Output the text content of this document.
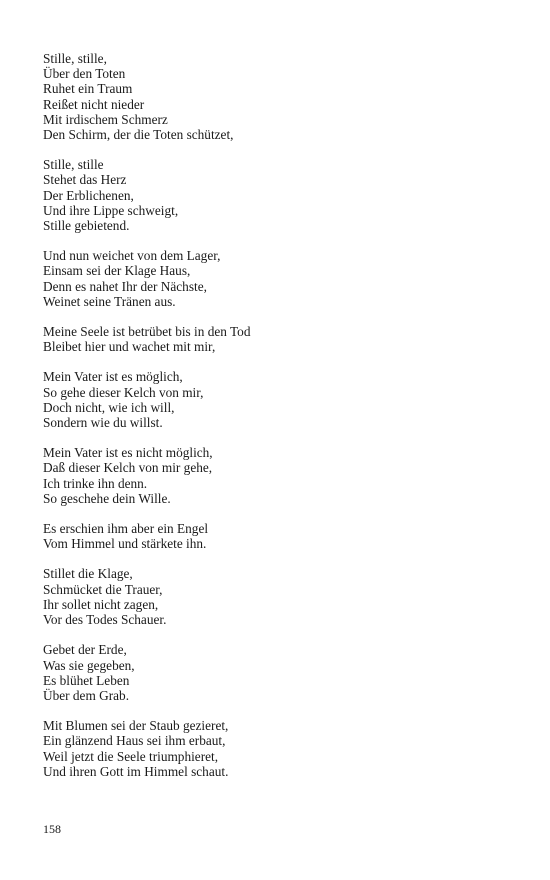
Stille, stille,
Über den Toten
Ruhet ein Traum
Reißet nicht nieder
Mit irdischem Schmerz
Den Schirm, der die Toten schützet,
Stille, stille
Stehet das Herz
Der Erblichenen,
Und ihre Lippe schweigt,
Stille gebietend.
Und nun weichet von dem Lager,
Einsam sei der Klage Haus,
Denn es nahet Ihr der Nächste,
Weinet seine Tränen aus.
Meine Seele ist betrübet bis in den Tod
Bleibet hier und wachet mit mir,
Mein Vater ist es möglich,
So gehe dieser Kelch von mir,
Doch nicht, wie ich will,
Sondern wie du willst.
Mein Vater ist es nicht möglich,
Daß dieser Kelch von mir gehe,
Ich trinke ihn denn.
So geschehe dein Wille.
Es erschien ihm aber ein Engel
Vom Himmel und stärkete ihn.
Stillet die Klage,
Schmücket die Trauer,
Ihr sollet nicht zagen,
Vor des Todes Schauer.
Gebet der Erde,
Was sie gegeben,
Es blühet Leben
Über dem Grab.
Mit Blumen sei der Staub gezieret,
Ein glänzend Haus sei ihm erbaut,
Weil jetzt die Seele triumphieret,
Und ihren Gott im Himmel schaut.
158
